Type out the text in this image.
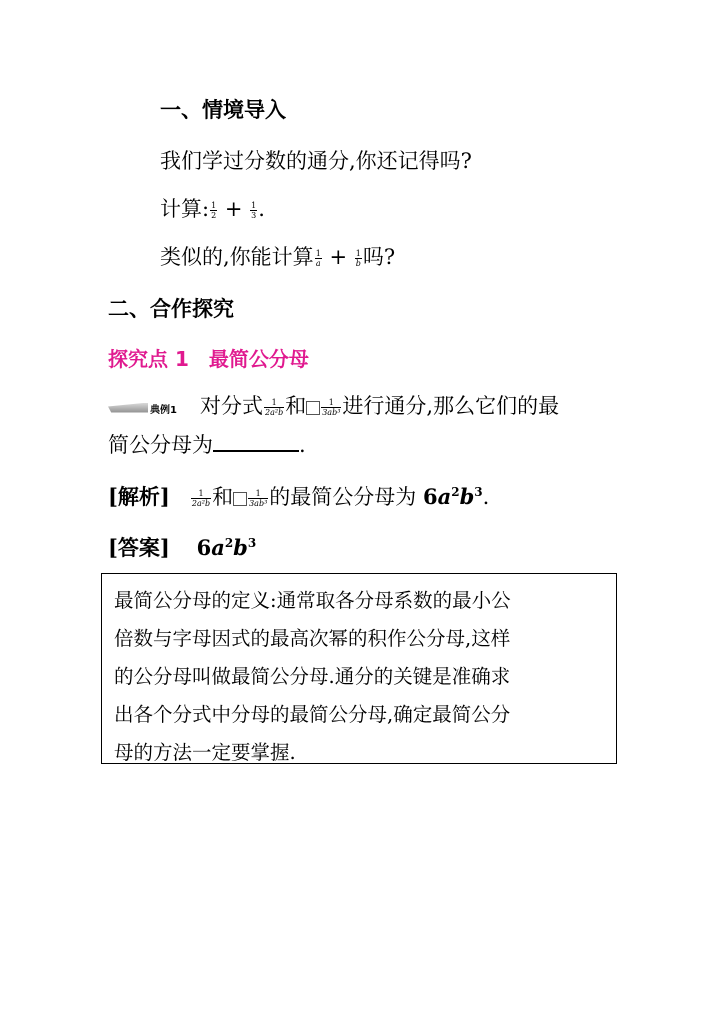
一、情境导入
我们学过分数的通分,你还记得吗?
计算: $\frac{1}{2} + \frac{1}{3}$ .
类似的,你能计算 $\frac{1}{a} + \frac{1}{b}$ 吗?
二、合作探究
探究点 1　最简公分母
典例1 对分式 $\frac{1}{\text{2a²b}}$ 和 $\frac{1}{\text{3ab³}}$ 进行通分,那么它们的最
简公分母为	.
[解析]	$\frac{1}{\text{2a²b}}$ 和 $\frac{1}{\text{3ab³}}$ 的最简公分母为 $6a^2b^3$.
[答案] $6a^2b^3$
最简公分母的定义:通常取各分母系数的最小公
倍数与字母因式的最高次幂的积作公分母,这样
的公分母叫做最简公分母.通分的关键是准确求
出各个分式中分母的最简公分母,确定最简公分
母的方法一定要掌握.
